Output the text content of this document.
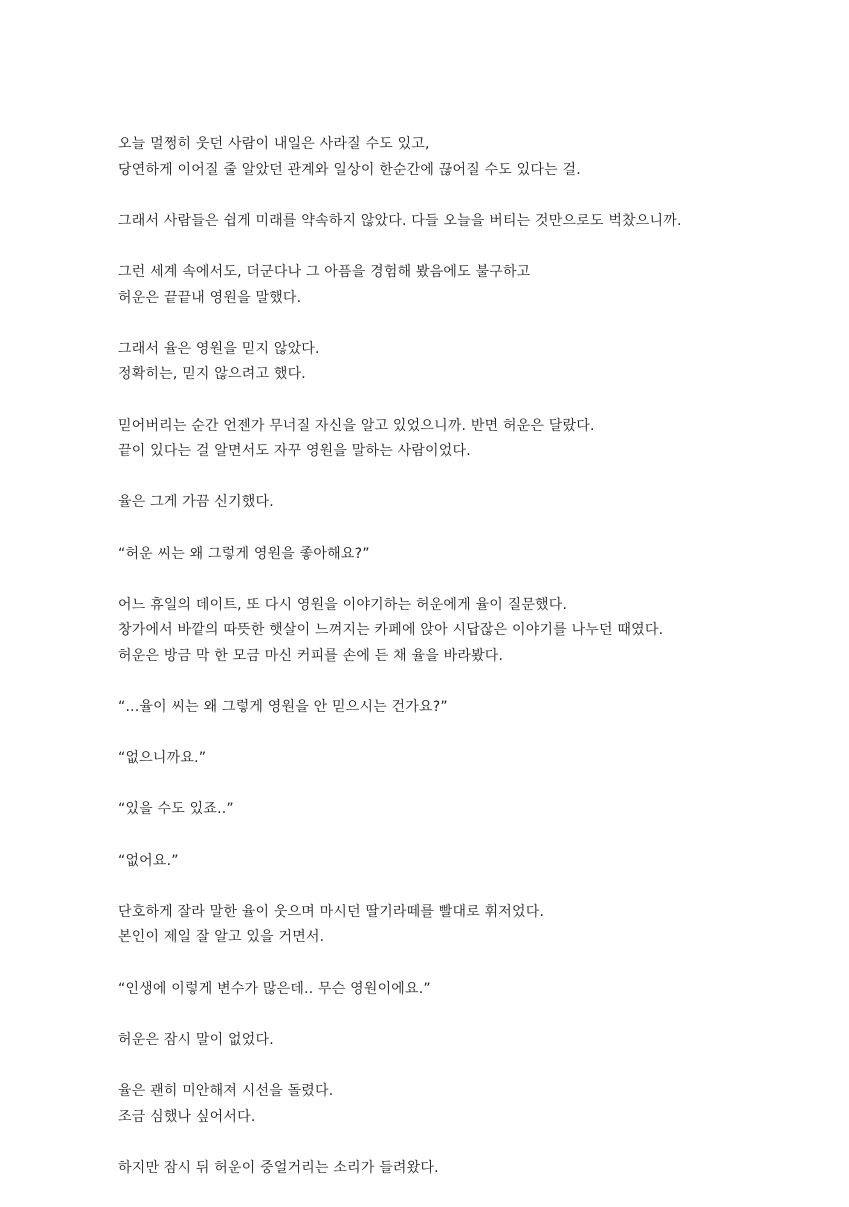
오늘 멀쩡히 웃던 사람이 내일은 사라질 수도 있고,
당연하게 이어질 줄 알았던 관계와 일상이 한순간에 끊어질 수도 있다는 걸.

그래서 사람들은 쉽게 미래를 약속하지 않았다. 다들 오늘을 버티는 것만으로도 벅찼으니까.

그런 세계 속에서도, 더군다나 그 아픔을 경험해 봤음에도 불구하고
허운은 끝끝내 영원을 말했다.

그래서 율은 영원을 믿지 않았다.
정확히는, 믿지 않으려고 했다.

믿어버리는 순간 언젠가 무너질 자신을 알고 있었으니까. 반면 허운은 달랐다.
끝이 있다는 걸 알면서도 자꾸 영원을 말하는 사람이었다.

율은 그게 가끔 신기했다.

“허운 씨는 왜 그렇게 영원을 좋아해요?”

어느 휴일의 데이트, 또 다시 영원을 이야기하는 허운에게 율이 질문했다.
창가에서 바깥의 따뜻한 햇살이 느껴지는 카페에 앉아 시답잖은 이야기를 나누던 때였다.
허운은 방금 막 한 모금 마신 커피를 손에 든 채 율을 바라봤다.

“...율이 씨는 왜 그렇게 영원을 안 믿으시는 건가요?”

“없으니까요.”

“있을 수도 있죠..”

“없어요.”

단호하게 잘라 말한 율이 웃으며 마시던 딸기라떼를 빨대로 휘저었다.
본인이 제일 잘 알고 있을 거면서.

“인생에 이렇게 변수가 많은데.. 무슨 영원이에요.”

허운은 잠시 말이 없었다.

율은 괜히 미안해져 시선을 돌렸다.
조금 심했나 싶어서다.

하지만 잠시 뒤 허운이 중얼거리는 소리가 들려왔다.
